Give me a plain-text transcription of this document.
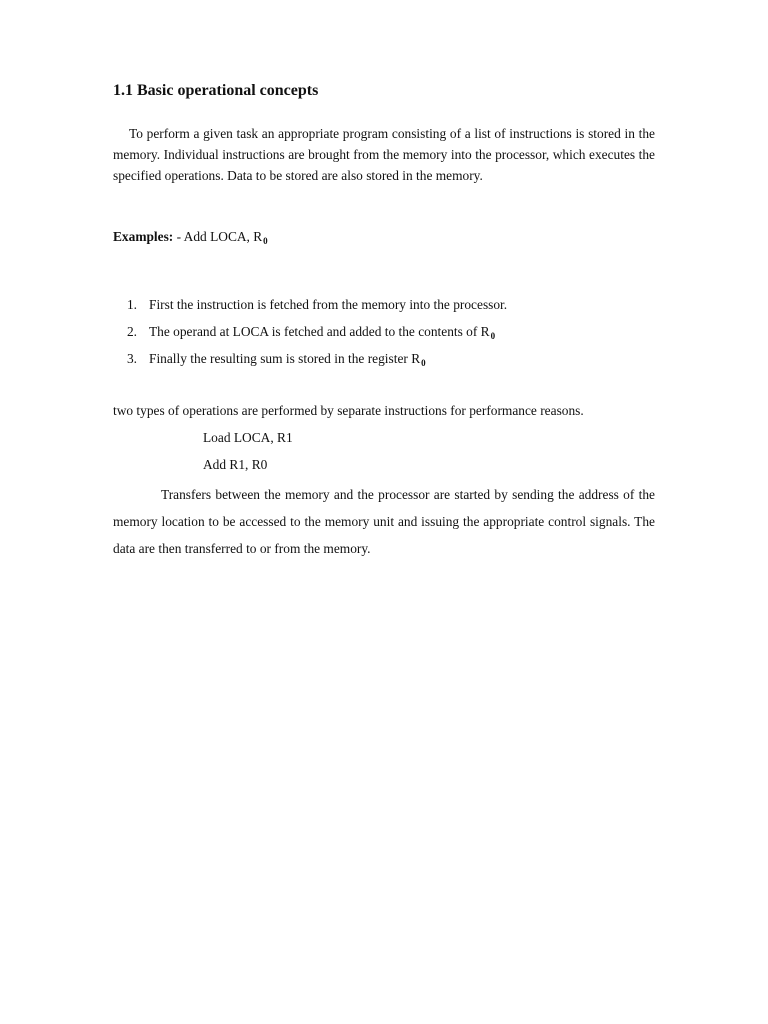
1.1 Basic operational concepts

To perform a given task an appropriate program consisting of a list of instructions is stored in the memory. Individual instructions are brought from the memory into the processor, which executes the specified operations. Data to be stored are also stored in the memory.

Examples: - Add LOCA, $R_0$

1. First the instruction is fetched from the memory into the processor.
2. The operand at LOCA is fetched and added to the contents of $R_0$
3. Finally the resulting sum is stored in the register $R_0$

two types of operations are performed by separate instructions for performance reasons.

Load LOCA, R1

Add R1, R0

Transfers between the memory and the processor are started by sending the address of the memory location to be accessed to the memory unit and issuing the appropriate control signals. The data are then transferred to or from the memory.
